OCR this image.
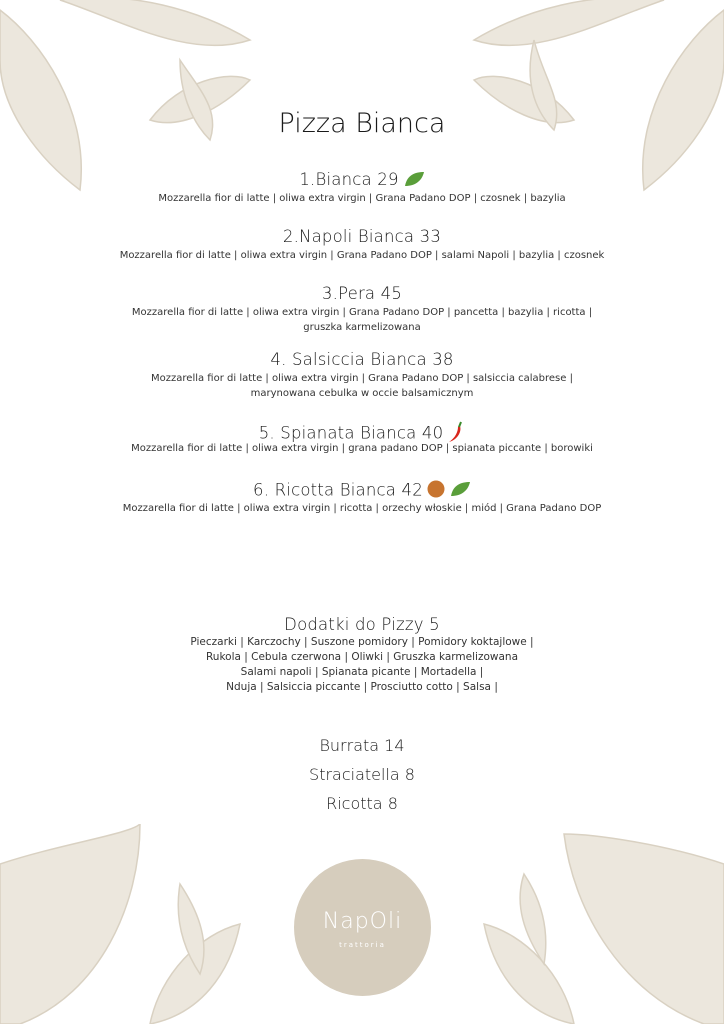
Pizza Bianca
1.Bianca 29
Mozzarella fior di latte | oliwa extra virgin | Grana Padano DOP | czosnek | bazylia
2.Napoli Bianca 33
Mozzarella fior di latte | oliwa extra virgin | Grana Padano DOP | salami Napoli | bazylia | czosnek
3.Pera 45
Mozzarella fior di latte | oliwa extra virgin | Grana Padano DOP | pancetta | bazylia | ricotta |
gruszka karmelizowana
4. Salsiccia Bianca 38
Mozzarella fior di latte | oliwa extra virgin | Grana Padano DOP | salsiccia calabrese |
marynowana cebulka w occie balsamicznym
5. Spianata Bianca 40
Mozzarella fior di latte | oliwa extra virgin | grana padano DOP | spianata piccante | borowiki
6. Ricotta Bianca 42
Mozzarella fior di latte | oliwa extra virgin | ricotta | orzechy włoskie | miód | Grana Padano DOP
Dodatki do Pizzy 5
Pieczarki | Karczochy | Suszone pomidory | Pomidory koktajlowe |
Rukola | Cebula czerwona | Oliwki | Gruszka karmelizowana
Salami napoli | Spianata picante | Mortadella |
Nduja | Salsiccia piccante | Prosciutto cotto | Salsa |
Burrata 14
Straciatella 8
Ricotta 8
NapOli
trattoria
